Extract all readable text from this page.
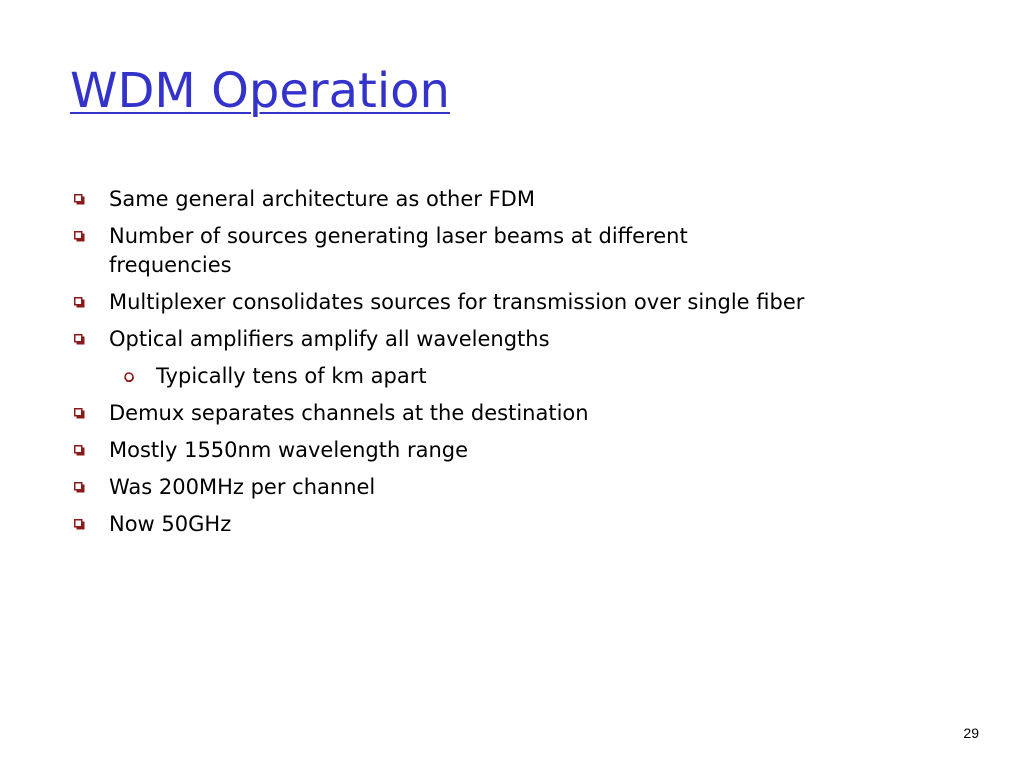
WDM Operation
Same general architecture as other FDM
Number of sources generating laser beams at different frequencies
Multiplexer consolidates sources for transmission over single fiber
Optical amplifiers amplify all wavelengths
Typically tens of km apart
Demux separates channels at the destination
Mostly 1550nm wavelength range
Was 200MHz per channel
Now 50GHz
29
